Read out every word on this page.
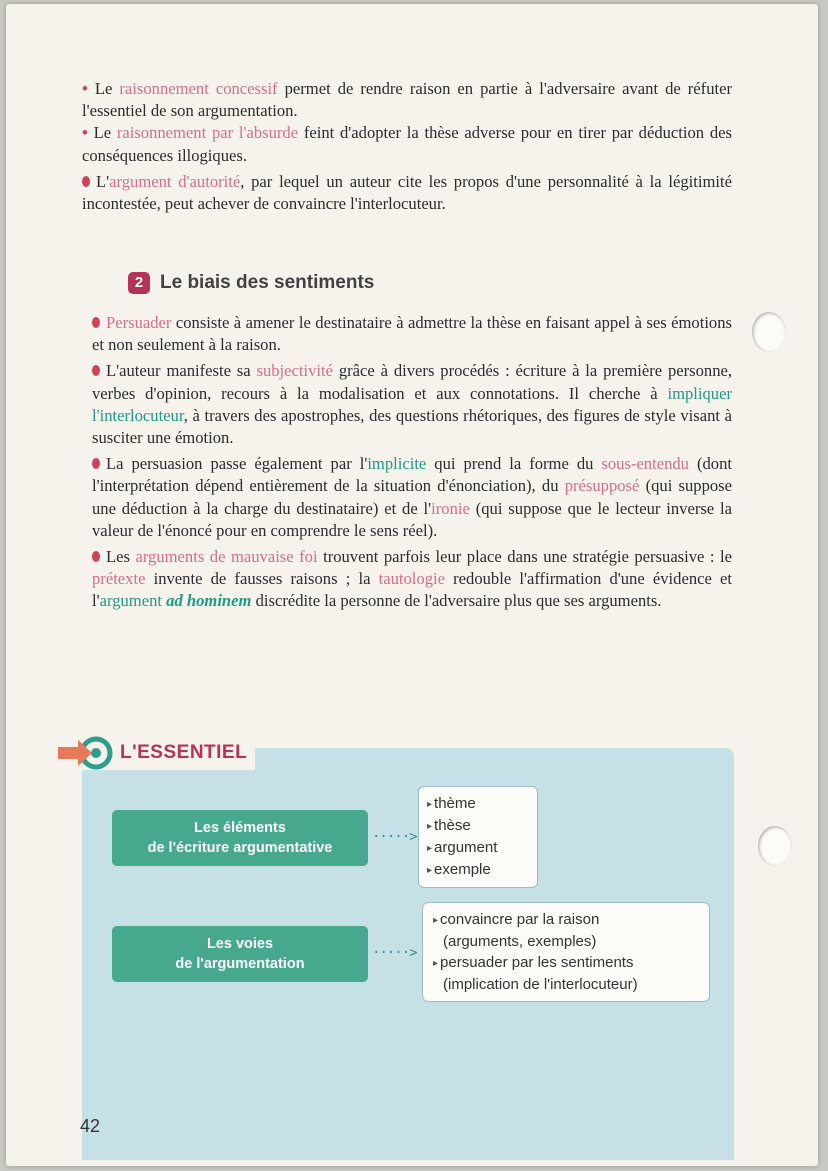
• Le raisonnement concessif permet de rendre raison en partie à l'adversaire avant de réfuter l'essentiel de son argumentation.

• Le raisonnement par l'absurde feint d'adopter la thèse adverse pour en tirer par déduction des conséquences illogiques.

L'argument d'autorité, par lequel un auteur cite les propos d'une personnalité à la légitimité incontestée, peut achever de convaincre l'interlocuteur.

2 Le biais des sentiments

Persuader consiste à amener le destinataire à admettre la thèse en faisant appel à ses émotions et non seulement à la raison.

L'auteur manifeste sa subjectivité grâce à divers procédés : écriture à la première personne, verbes d'opinion, recours à la modalisation et aux connotations. Il cherche à impliquer l'interlocuteur, à travers des apostrophes, des questions rhétoriques, des figures de style visant à susciter une émotion.

La persuasion passe également par l'implicite qui prend la forme du sous-entendu (dont l'interprétation dépend entièrement de la situation d'énonciation), du présupposé (qui suppose une déduction à la charge du destinataire) et de l'ironie (qui suppose que le lecteur inverse la valeur de l'énoncé pour en comprendre le sens réel).

Les arguments de mauvaise foi trouvent parfois leur place dans une stratégie persuasive : le prétexte invente de fausses raisons ; la tautologie redouble l'affirmation d'une évidence et l'argument ad hominem discrédite la personne de l'adversaire plus que ses arguments.

L'ESSENTIEL
Les éléments
de l'écriture argumentative
·····>
▸ thème
▸ thèse
▸ argument
▸ exemple
Les voies
de l'argumentation
·····>
▸ convaincre par la raison
(arguments, exemples)
▸ persuader par les sentiments
(implication de l'interlocuteur)
42
